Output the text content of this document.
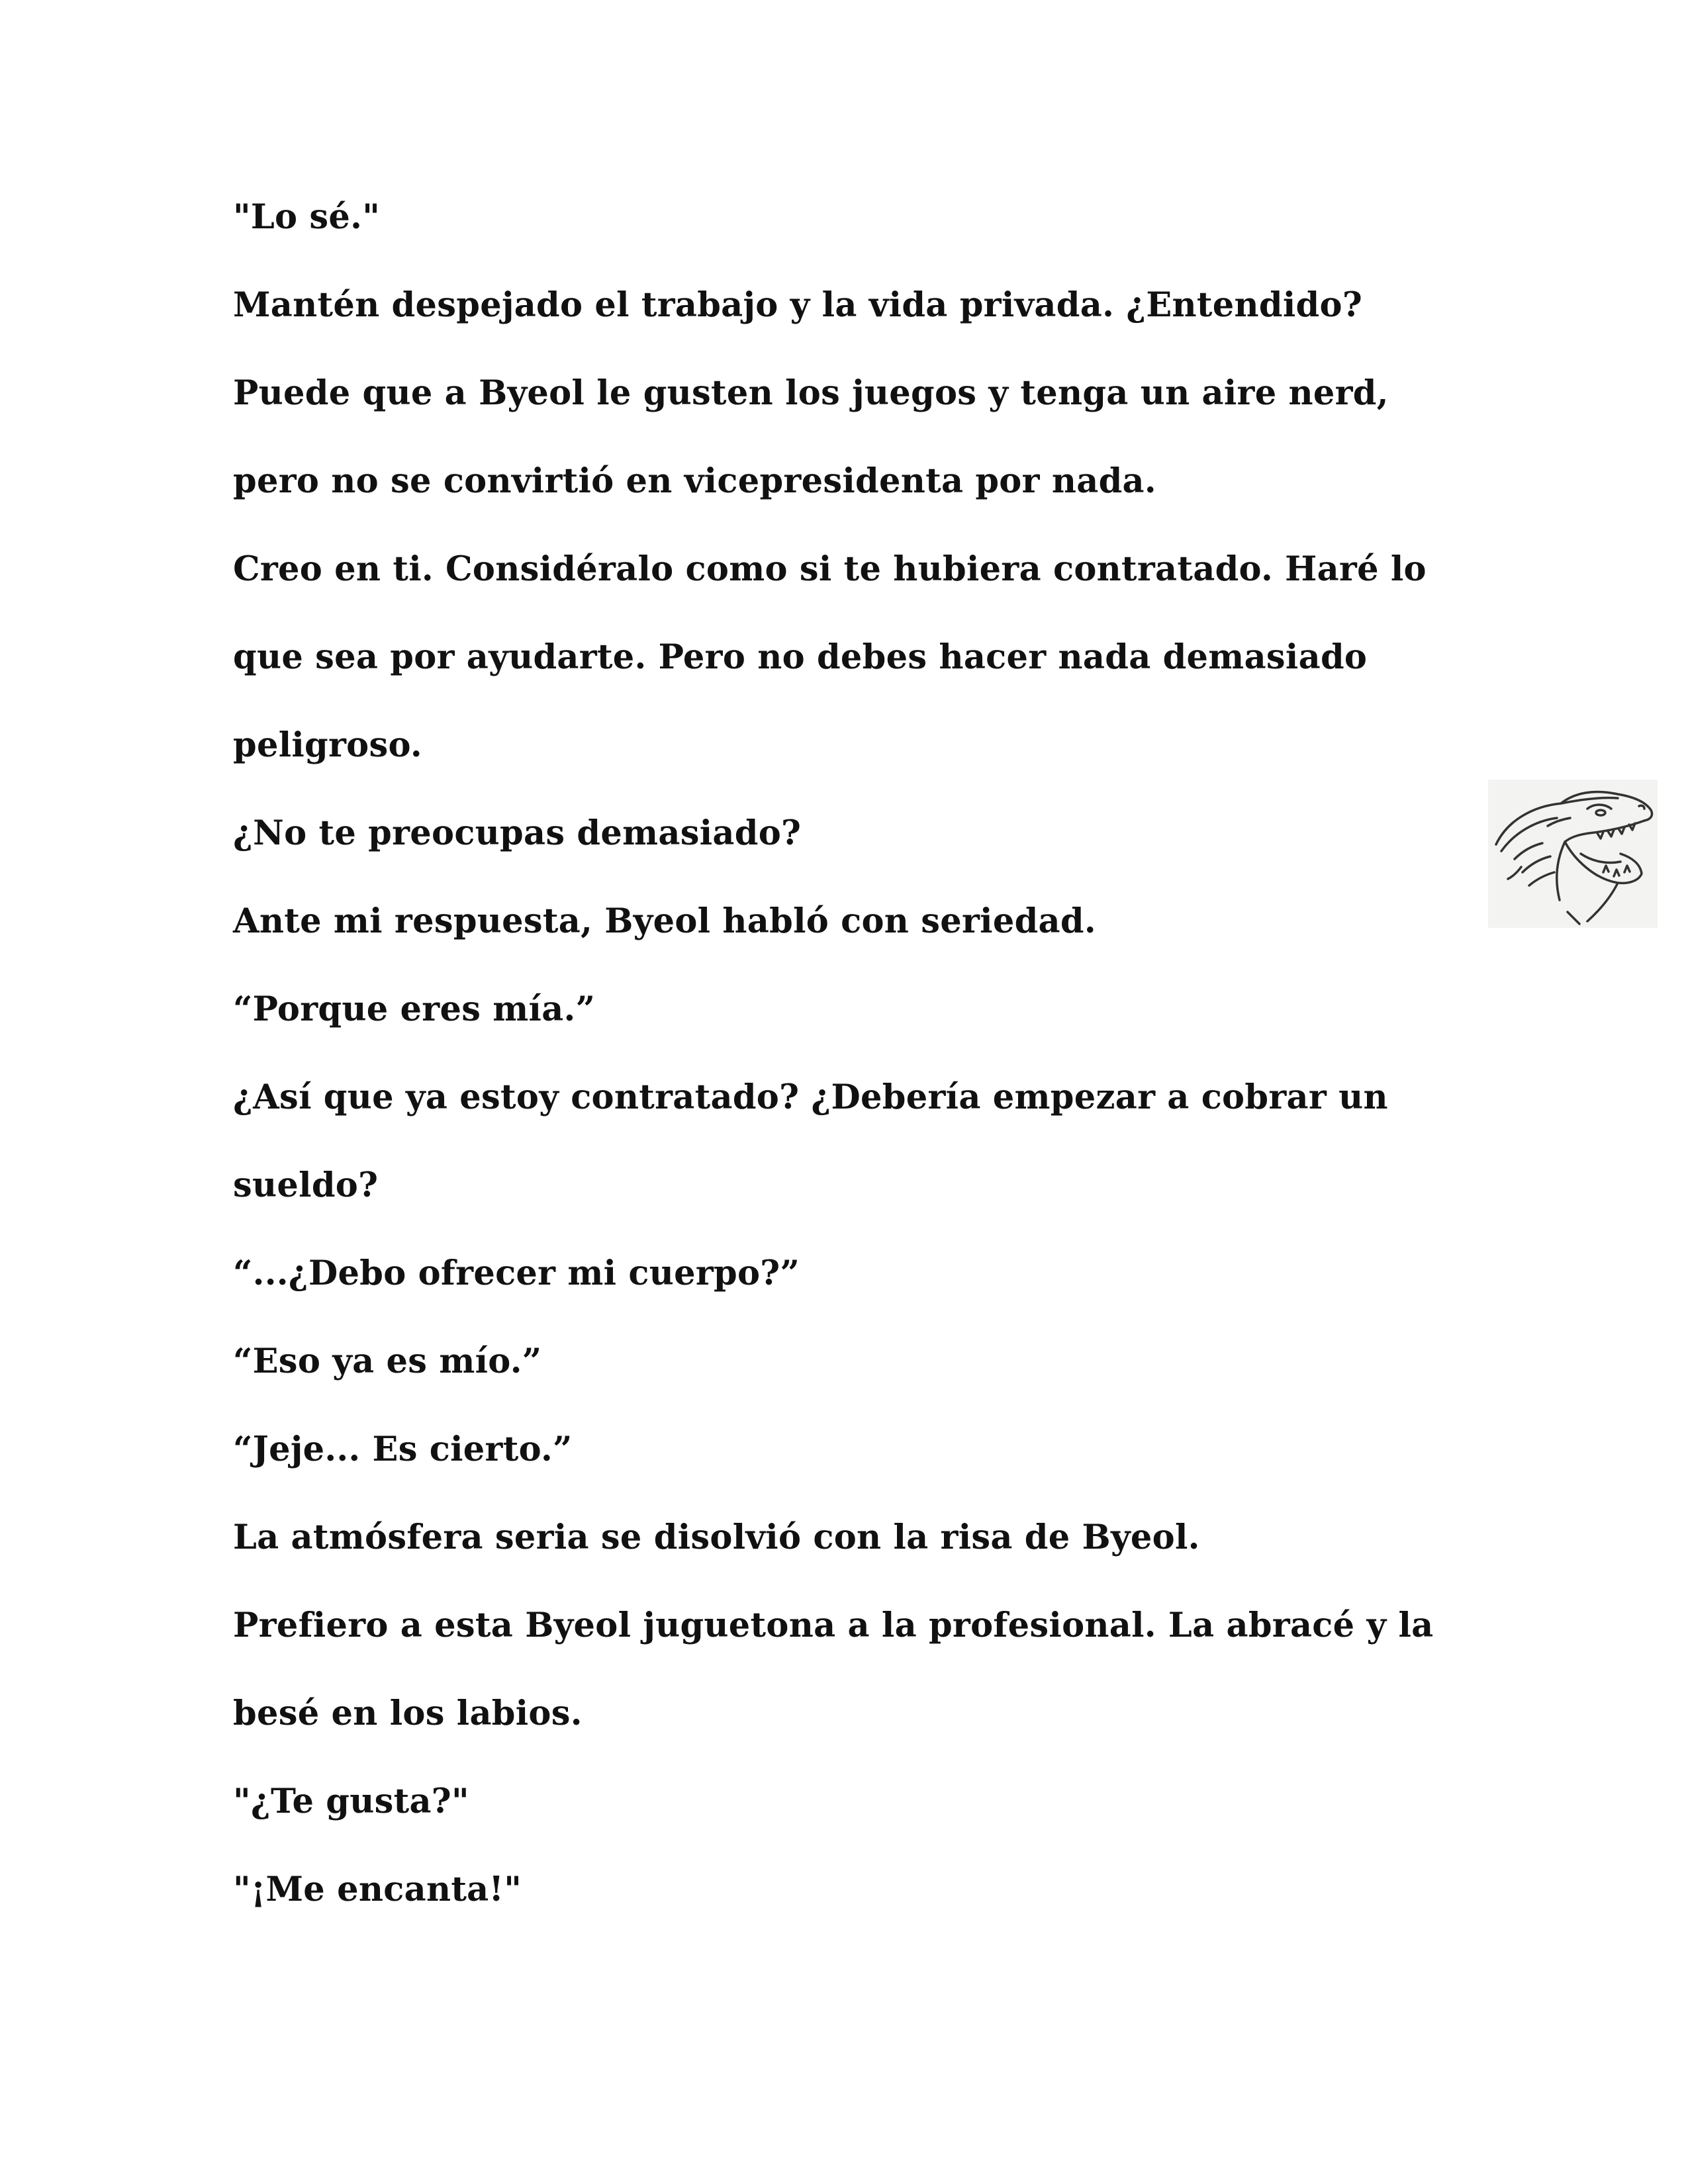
"Lo sé."
Mantén despejado el trabajo y la vida privada. ¿Entendido?
Puede que a Byeol le gusten los juegos y tenga un aire nerd,
pero no se convirtió en vicepresidenta por nada.
Creo en ti. Considéralo como si te hubiera contratado. Haré lo
que sea por ayudarte. Pero no debes hacer nada demasiado
peligroso.
¿No te preocupas demasiado?
Ante mi respuesta, Byeol habló con seriedad.
“Porque eres mía.”
¿Así que ya estoy contratado? ¿Debería empezar a cobrar un
sueldo?
“...¿Debo ofrecer mi cuerpo?”
“Eso ya es mío.”
“Jeje... Es cierto.”
La atmósfera seria se disolvió con la risa de Byeol.
Prefiero a esta Byeol juguetona a la profesional. La abracé y la
besé en los labios.
"¿Te gusta?"
"¡Me encanta!"
